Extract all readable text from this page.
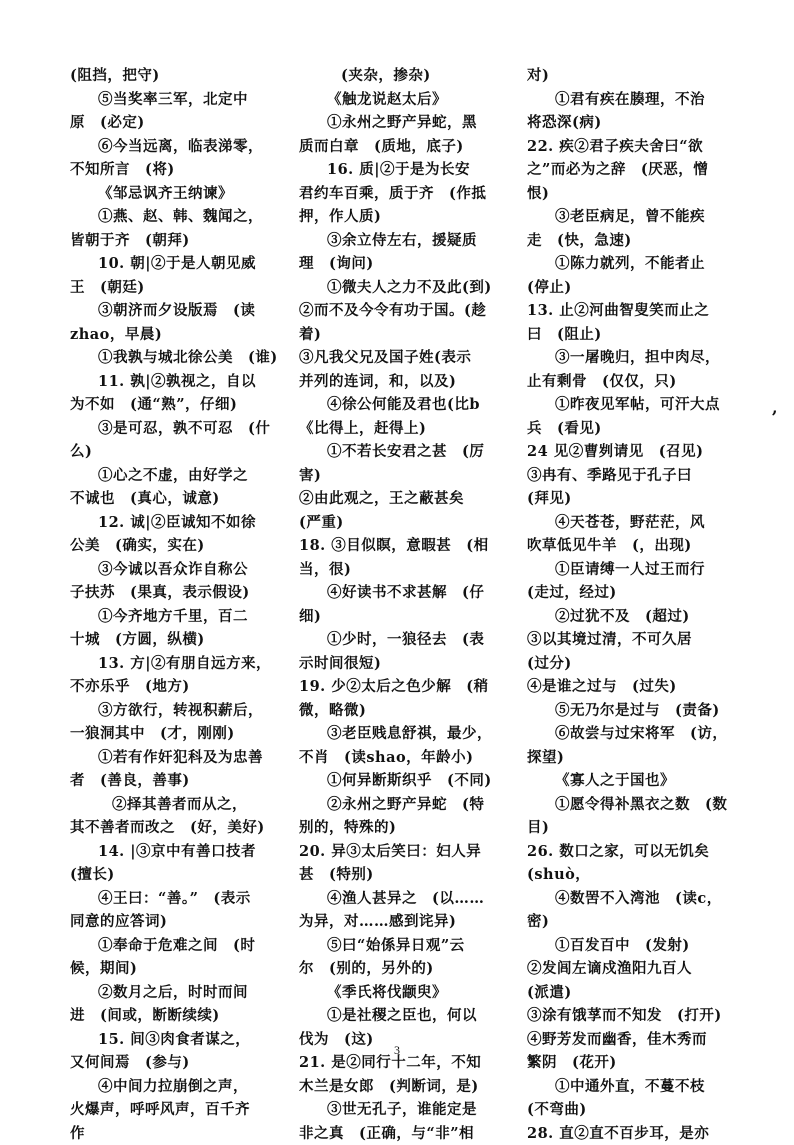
(阻挡，把守)
⑤当奖率三军，北定中
原　(必定)
⑥今当远离，临表涕零，
不知所言　(将)
《邹忌讽齐王纳谏》
①燕、赵、韩、魏闻之，
皆朝于齐　(朝拜)
10. 朝|②于是人朝见威
王　(朝廷)
③朝济而夕设版焉　(读
zhao，早晨)
①我孰与城北徐公美　(谁)
11. 孰|②孰视之，自以
为不如　(通“熟”，仔细)
③是可忍，孰不可忍　(什
么)
①心之不虚，由好学之
不诚也　(真心，诚意)
12. 诚|②臣诚知不如徐
公美　(确实，实在)
③今诚以吾众诈自称公
子扶苏　(果真，表示假设)
①今齐地方千里，百二
十城　(方圆，纵横)
13. 方|②有朋自远方来，
不亦乐乎　(地方)
③方欲行，转视积薪后，
一狼洞其中　(才，刚刚)
①若有作奸犯科及为忠善
者　(善良，善事)
②择其善者而从之，
其不善者而改之　(好，美好)
14. |③京中有善口技者
(擅长)
④王曰：“善。”　(表示
同意的应答词)
①奉命于危难之间　(时
候，期间)
②数月之后，时时而间
进　(间或，断断续续)
15. 间③肉食者谋之，
又何间焉　(参与)
④中间力拉崩倒之声，
火爆声，呼呼风声，百千齐
作
(夹杂，掺杂)
《触龙说赵太后》
①永州之野产异蛇，黑
质而白章　(质地，底子)
16. 质|②于是为长安
君约车百乘，质于齐　(作抵
押，作人质)
③余立侍左右，援疑质
理　(询问)
①微夫人之力不及此(到)
②而不及今令有功于国。(趁
着)
③凡我父兄及国子姓(表示
并列的连词，和，以及)
④徐公何能及君也(比b
《比得上，赶得上)
①不若长安君之甚　(厉
害)
②由此观之，王之蔽甚矣
(严重)
18. ③目似瞑，意暇甚　(相
当，很)
④好读书不求甚解　(仔
细)
①少时，一狼径去　(表
示时间很短)
19. 少②太后之色少解　(稍
微，略微)
③老臣贱息舒祺，最少，
不肖　(读shao，年龄小)
①何异断斯织乎　(不同)
②永州之野产异蛇　(特
别的，特殊的)
20. 异③太后笑曰：妇人异
甚　(特别)
④渔人甚异之　(以……
为异，对……感到诧异)
⑤曰“始係异日观”云
尔　(别的，另外的)
《季氏将伐颛臾》
①是社稷之臣也，何以
伐为　(这)
21. 是②同行十二年，不知
木兰是女郎　(判断词，是)
③世无孔子，谁能定是
非之真　(正确，与“非”相
对)
①君有疾在腠理，不治
将恐深(病)
22. 疾②君子疾夫舍曰“欲
之”而必为之辞　(厌恶，憎
恨)
③老臣病足，曾不能疾
走　(快，急速)
①陈力就列，不能者止
(停止)
13. 止②河曲智叟笑而止之
曰　(阻止)
③一屠晚归，担中肉尽，
止有剩骨　(仅仅，只)
①昨夜见军帖，可汗大点
兵　(看见)
24 见②曹刿请见　(召见)
③冉有、季路见于孔子曰
(拜见)
④天苍苍，野茫茫，风
吹草低见牛羊　(，出现)
①臣请缚一人过王而行
(走过，经过)
②过犹不及　(超过)
③以其境过清，不可久居
(过分)
④是谁之过与　(过失)
⑤无乃尔是过与　(责备)
⑥故尝与过宋将军　(访，
探望)
《寡人之于国也》
①愿令得补黑衣之数　(数
目)
26. 数口之家，可以无饥矣
(shuò，
④数罟不入湾池　(读c，
密)
①百发百中　(发射)
②发闾左谪戍渔阳九百人
(派遣)
③涂有饿莩而不知发　(打开)
④野芳发而幽香，佳木秀而
繁阴　(花开)
①中通外直，不蔓不枝
(不弯曲)
28. 直②直不百步耳，是亦
,
3
